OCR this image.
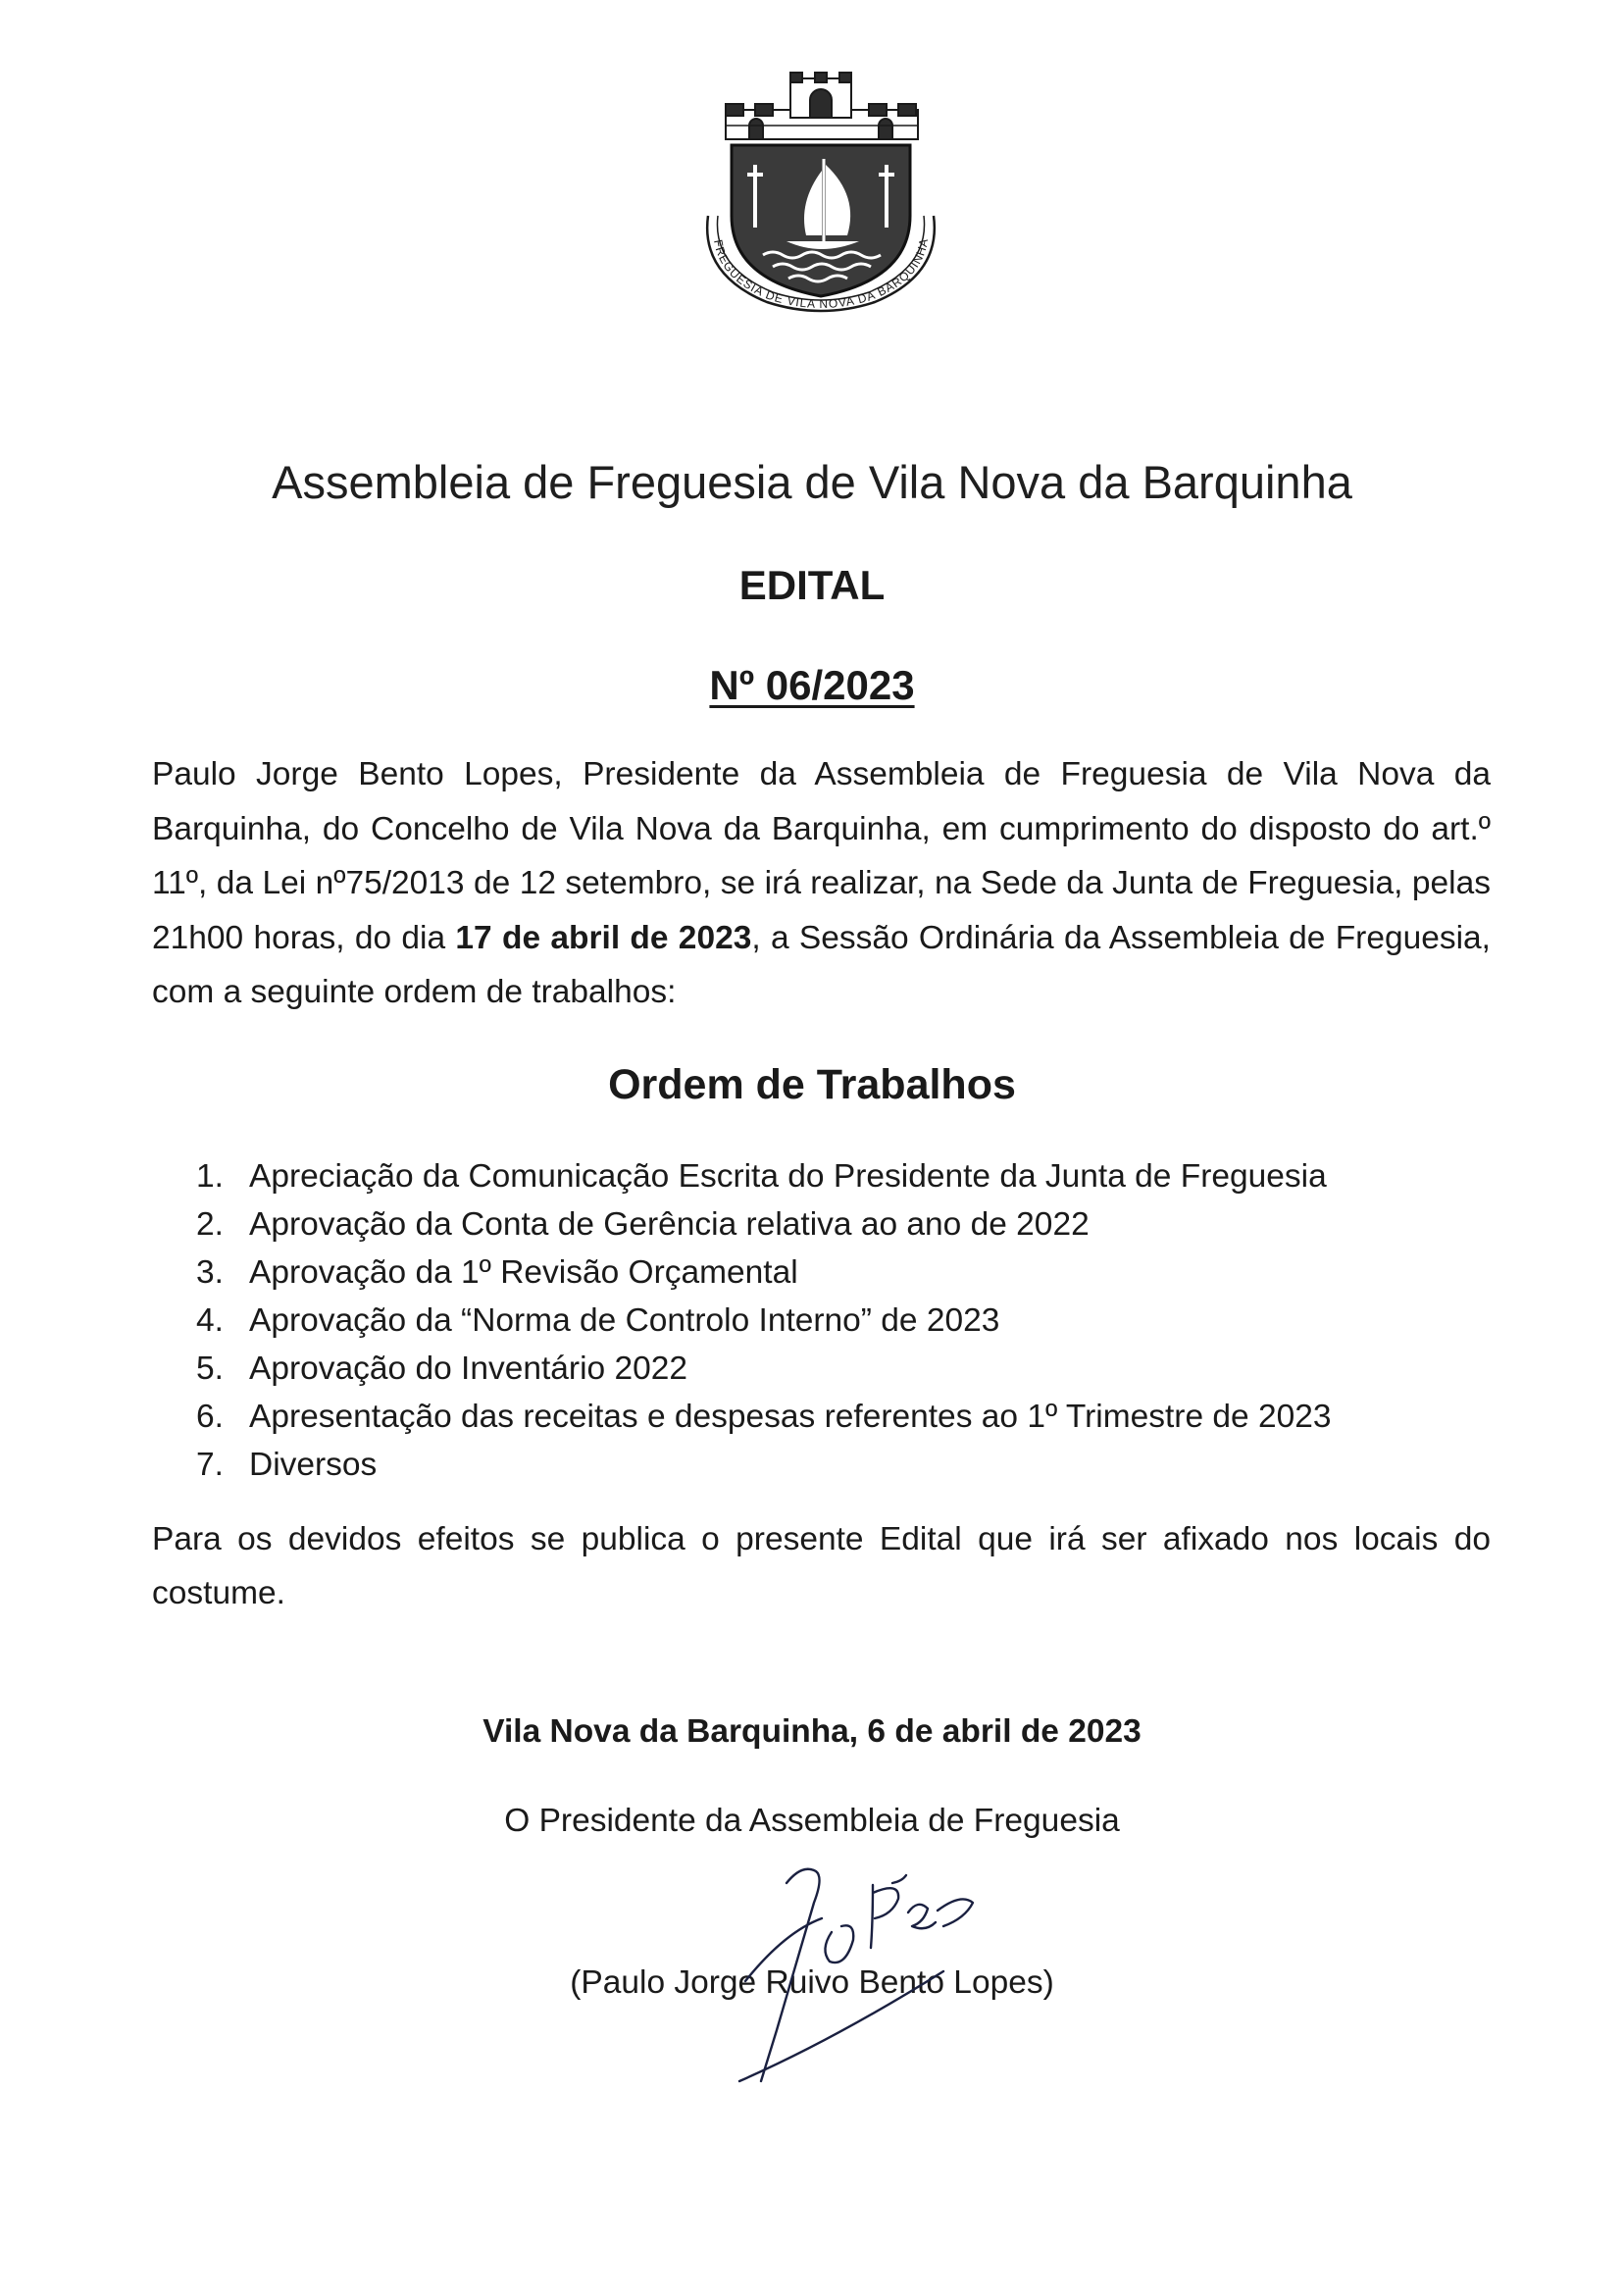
FREGUESIA DE VILA NOVA DA BARQUINHA
Assembleia de Freguesia de Vila Nova da Barquinha
EDITAL
Nº 06/2023

Paulo Jorge Bento Lopes, Presidente da Assembleia de Freguesia de Vila Nova da Barquinha, do Concelho de Vila Nova da Barquinha, em cumprimento do disposto do art.º 11º, da Lei nº75/2013 de 12 setembro, se irá realizar, na Sede da Junta de Freguesia, pelas 21h00 horas, do dia 17 de abril de 2023, a Sessão Ordinária da Assembleia de Freguesia, com a seguinte ordem de trabalhos:

Ordem de Trabalhos
1. Apreciação da Comunicação Escrita do Presidente da Junta de Freguesia
2. Aprovação da Conta de Gerência relativa ao ano de 2022
3. Aprovação da 1º Revisão Orçamental
4. Aprovação da “Norma de Controlo Interno” de 2023
5. Aprovação do Inventário 2022
6. Apresentação das receitas e despesas referentes ao 1º Trimestre de 2023
7. Diversos

Para os devidos efeitos se publica o presente Edital que irá ser afixado nos locais do costume.

Vila Nova da Barquinha, 6 de abril de 2023

O Presidente da Assembleia de Freguesia

(Paulo Jorge Ruivo Bento Lopes)
